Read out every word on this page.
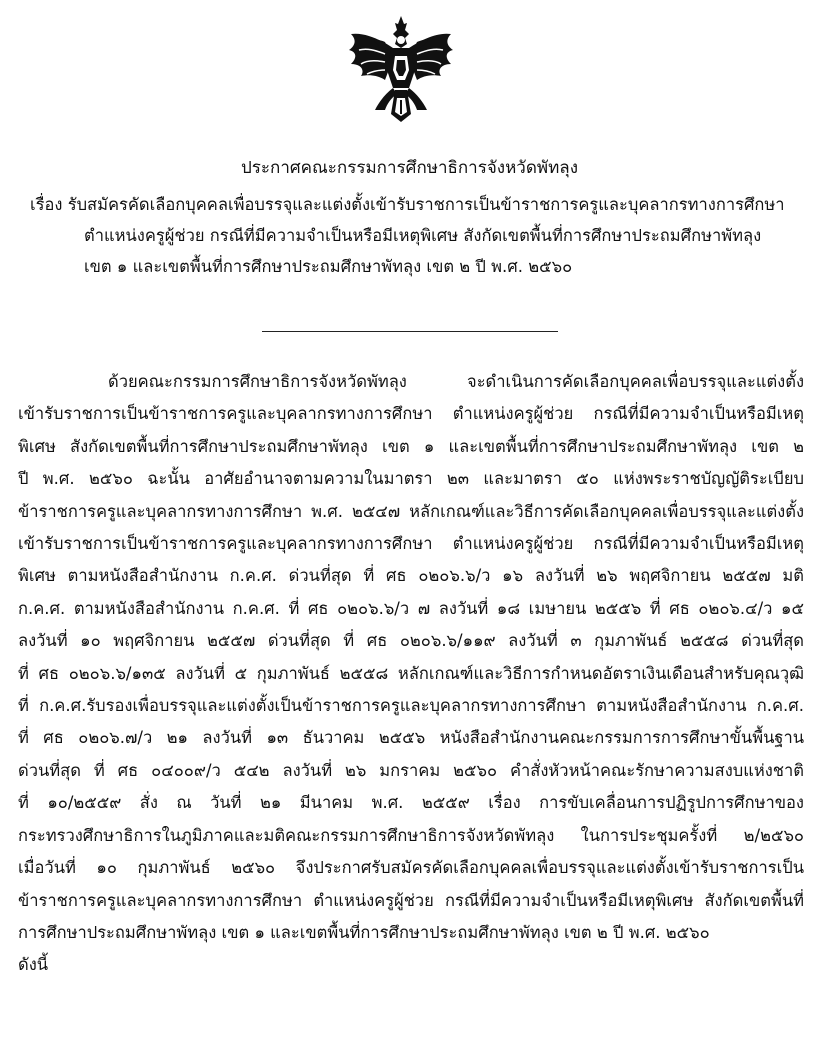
ประกาศคณะกรรมการศึกษาธิการจังหวัดพัทลุง
เรื่อง รับสมัครคัดเลือกบุคคลเพื่อบรรจุและแต่งตั้งเข้ารับราชการเป็นข้าราชการครูและบุคลากรทางการศึกษา
ตำแหน่งครูผู้ช่วย กรณีที่มีความจำเป็นหรือมีเหตุพิเศษ สังกัดเขตพื้นที่การศึกษาประถมศึกษาพัทลุง
เขต ๑ และเขตพื้นที่การศึกษาประถมศึกษาพัทลุง เขต ๒ ปี พ.ศ. ๒๕๖๐
ด้วยคณะกรรมการศึกษาธิการจังหวัดพัทลุง จะดำเนินการคัดเลือกบุคคลเพื่อบรรจุและแต่งตั้ง
เข้ารับราชการเป็นข้าราชการครูและบุคลากรทางการศึกษา ตำแหน่งครูผู้ช่วย กรณีที่มีความจำเป็นหรือมีเหตุ
พิเศษ สังกัดเขตพื้นที่การศึกษาประถมศึกษาพัทลุง เขต ๑ และเขตพื้นที่การศึกษาประถมศึกษาพัทลุง เขต ๒
ปี พ.ศ. ๒๕๖๐ ฉะนั้น อาศัยอำนาจตามความในมาตรา ๒๓ และมาตรา ๕๐ แห่งพระราชบัญญัติระเบียบ
ข้าราชการครูและบุคลากรทางการศึกษา พ.ศ. ๒๕๔๗ หลักเกณฑ์และวิธีการคัดเลือกบุคคลเพื่อบรรจุและแต่งตั้ง
เข้ารับราชการเป็นข้าราชการครูและบุคลากรทางการศึกษา ตำแหน่งครูผู้ช่วย กรณีที่มีความจำเป็นหรือมีเหตุ
พิเศษ ตามหนังสือสำนักงาน ก.ค.ศ. ด่วนที่สุด ที่ ศธ ๐๒๐๖.๖/ว ๑๖ ลงวันที่ ๒๖ พฤศจิกายน ๒๕๕๗ มติ
ก.ค.ศ. ตามหนังสือสำนักงาน ก.ค.ศ. ที่ ศธ ๐๒๐๖.๖/ว ๗ ลงวันที่ ๑๘ เมษายน ๒๕๕๖ ที่ ศธ ๐๒๐๖.๔/ว ๑๕
ลงวันที่ ๑๐ พฤศจิกายน ๒๕๕๗ ด่วนที่สุด ที่ ศธ ๐๒๐๖.๖/๑๑๙ ลงวันที่ ๓ กุมภาพันธ์ ๒๕๕๘ ด่วนที่สุด
ที่ ศธ ๐๒๐๖.๖/๑๓๕ ลงวันที่ ๕ กุมภาพันธ์ ๒๕๕๘ หลักเกณฑ์และวิธีการกำหนดอัตราเงินเดือนสำหรับคุณวุฒิ
ที่ ก.ค.ศ.รับรองเพื่อบรรจุและแต่งตั้งเป็นข้าราชการครูและบุคลากรทางการศึกษา ตามหนังสือสำนักงาน ก.ค.ศ.
ที่ ศธ ๐๒๐๖.๗/ว ๒๑ ลงวันที่ ๑๓ ธันวาคม ๒๕๕๖ หนังสือสำนักงานคณะกรรมการการศึกษาขั้นพื้นฐาน
ด่วนที่สุด ที่ ศธ ๐๔๐๐๙/ว ๕๔๒ ลงวันที่ ๒๖ มกราคม ๒๕๖๐ คำสั่งหัวหน้าคณะรักษาความสงบแห่งชาติ
ที่ ๑๐/๒๕๕๙ สั่ง ณ วันที่ ๒๑ มีนาคม พ.ศ. ๒๕๕๙ เรื่อง การขับเคลื่อนการปฏิรูปการศึกษาของ
กระทรวงศึกษาธิการในภูมิภาคและมติคณะกรรมการศึกษาธิการจังหวัดพัทลุง ในการประชุมครั้งที่ ๒/๒๕๖๐
เมื่อวันที่ ๑๐ กุมภาพันธ์ ๒๕๖๐ จึงประกาศรับสมัครคัดเลือกบุคคลเพื่อบรรจุและแต่งตั้งเข้ารับราชการเป็น
ข้าราชการครูและบุคลากรทางการศึกษา ตำแหน่งครูผู้ช่วย กรณีที่มีความจำเป็นหรือมีเหตุพิเศษ สังกัดเขตพื้นที่
การศึกษาประถมศึกษาพัทลุง เขต ๑ และเขตพื้นที่การศึกษาประถมศึกษาพัทลุง เขต ๒ ปี พ.ศ. ๒๕๖๐
ดังนี้
